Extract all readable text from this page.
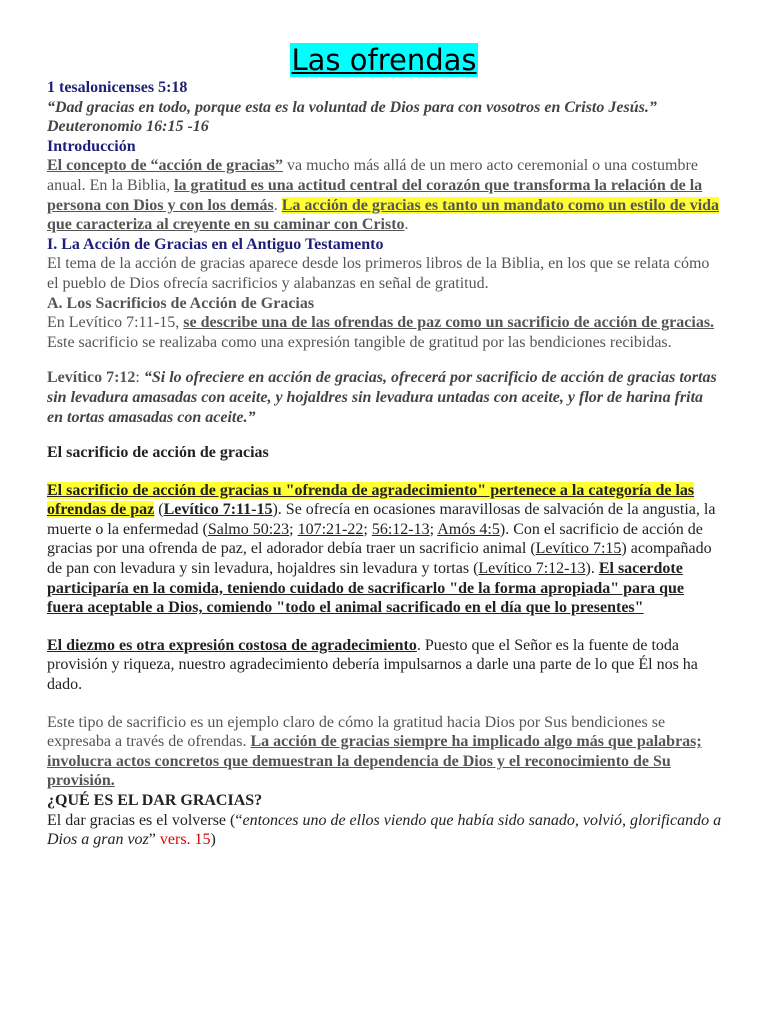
Las ofrendas

1 tesalonicenses 5:18

“Dad gracias en todo, porque esta es la voluntad de Dios para con vosotros en Cristo Jesús.”

Deuteronomio 16:15 -16

Introducción

El concepto de “acción de gracias” va mucho más allá de un mero acto ceremonial o una costumbre anual. En la Biblia, la gratitud es una actitud central del corazón que transforma la relación de la persona con Dios y con los demás. La acción de gracias es tanto un mandato como un estilo de vida que caracteriza al creyente en su caminar con Cristo.

I. La Acción de Gracias en el Antiguo Testamento

El tema de la acción de gracias aparece desde los primeros libros de la Biblia, en los que se relata cómo el pueblo de Dios ofrecía sacrificios y alabanzas en señal de gratitud.

A. Los Sacrificios de Acción de Gracias

En Levítico 7:11-15, se describe una de las ofrendas de paz como un sacrificio de acción de gracias. Este sacrificio se realizaba como una expresión tangible de gratitud por las bendiciones recibidas.

Levítico 7:12: “Si lo ofreciere en acción de gracias, ofrecerá por sacrificio de acción de gracias tortas sin levadura amasadas con aceite, y hojaldres sin levadura untadas con aceite, y flor de harina frita en tortas amasadas con aceite.”

El sacrificio de acción de gracias

El sacrificio de acción de gracias u "ofrenda de agradecimiento" pertenece a la categoría de las ofrendas de paz (Levítico 7:11-15). Se ofrecía en ocasiones maravillosas de salvación de la angustia, la muerte o la enfermedad (Salmo 50:23; 107:21-22; 56:12-13; Amós 4:5). Con el sacrificio de acción de gracias por una ofrenda de paz, el adorador debía traer un sacrificio animal (Levítico 7:15) acompañado de pan con levadura y sin levadura, hojaldres sin levadura y tortas (Levítico 7:12-13). El sacerdote participaría en la comida, teniendo cuidado de sacrificarlo "de la forma apropiada" para que fuera aceptable a Dios, comiendo "todo el animal sacrificado en el día que lo presentes"

El diezmo es otra expresión costosa de agradecimiento. Puesto que el Señor es la fuente de toda provisión y riqueza, nuestro agradecimiento debería impulsarnos a darle una parte de lo que Él nos ha dado.

Este tipo de sacrificio es un ejemplo claro de cómo la gratitud hacia Dios por Sus bendiciones se expresaba a través de ofrendas. La acción de gracias siempre ha implicado algo más que palabras; involucra actos concretos que demuestran la dependencia de Dios y el reconocimiento de Su provisión.

¿QUÉ ES EL DAR GRACIAS?

El dar gracias es el volverse (“entonces uno de ellos viendo que había sido sanado, volvió, glorificando a Dios a gran voz” vers. 15)
